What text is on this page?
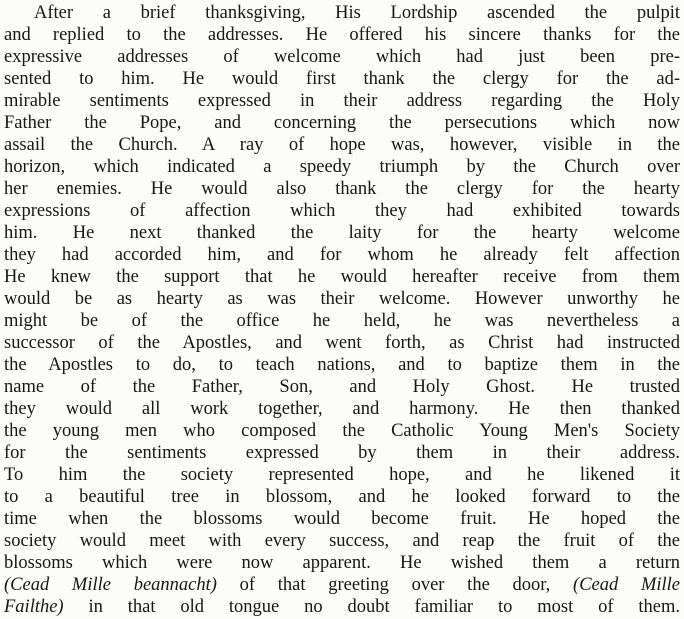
After a brief thanksgiving, His Lordship ascended the pulpit
and replied to the addresses. He offered his sincere thanks for the
expressive addresses of welcome which had just been pre-
sented to him. He would first thank the clergy for the ad-
mirable sentiments expressed in their address regarding the Holy
Father the Pope, and concerning the persecutions which now
assail the Church. A ray of hope was, however, visible in the
horizon, which indicated a speedy triumph by the Church over
her enemies. He would also thank the clergy for the hearty
expressions of affection which they had exhibited towards
him. He next thanked the laity for the hearty welcome
they had accorded him, and for whom he already felt affection
He knew the support that he would hereafter receive from them
would be as hearty as was their welcome. However unworthy he
might be of the office he held, he was nevertheless a
successor of the Apostles, and went forth, as Christ had instructed
the Apostles to do, to teach nations, and to baptize them in the
name of the Father, Son, and Holy Ghost. He trusted
they would all work together, and harmony. He then thanked
the young men who composed the Catholic Young Men's Society
for the sentiments expressed by them in their address.
To him the society represented hope, and he likened it
to a beautiful tree in blossom, and he looked forward to the
time when the blossoms would become fruit. He hoped the
society would meet with every success, and reap the fruit of the
blossoms which were now apparent. He wished them a return
(Cead Mille beannacht) of that greeting over the door, (Cead Mille
Failthe) in that old tongue no doubt familiar to most of them.
